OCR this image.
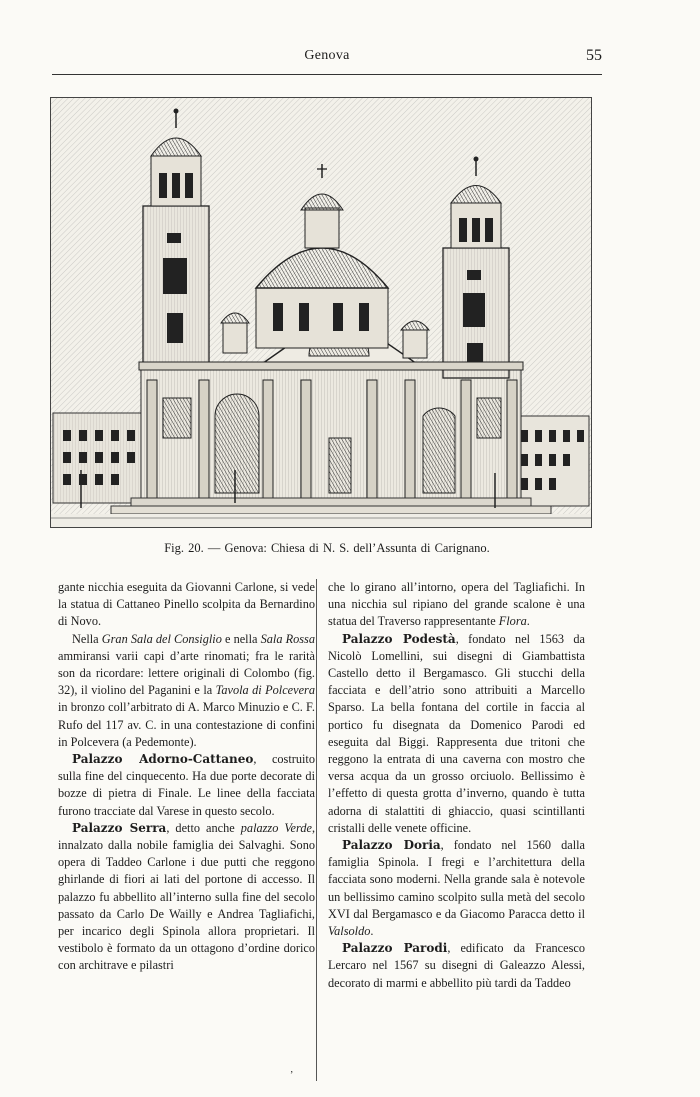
Genova	55
Fig. 20. — Genova: Chiesa di N. S. dell’Assunta di Carignano.

gante nicchia eseguita da Giovanni Carlone, si vede la statua di Cattaneo Pinello scolpita da Bernardino di Novo.

Nella Gran Sala del Consiglio e nella Sala Rossa ammiransi varii capi d’arte rinomati; fra le rarità son da ricordare: lettere originali di Colombo (fig. 32), il violino del Paganini e la Tavola di Polcevera in bronzo coll’arbitrato di A. Marco Minuzio e C. F. Rufo del 117 av. C. in una contestazione di confini in Polcevera (a Pedemonte).

Palazzo Adorno-Cattaneo, costruito sulla fine del cinquecento. Ha due porte decorate di bozze di pietra di Finale. Le linee della facciata furono tracciate dal Varese in questo secolo.

Palazzo Serra, detto anche palazzo Verde, innalzato dalla nobile famiglia dei Salvaghi. Sono opera di Taddeo Carlone i due putti che reggono ghirlande di fiori ai lati del portone di accesso. Il palazzo fu abbellito all’interno sulla fine del secolo passato da Carlo De Wailly e Andrea Tagliafichi, per incarico degli Spinola allora proprietari. Il vestibolo è formato da un ottagono d’ordine dorico con architrave e pilastri

che lo girano all’intorno, opera del Tagliafichi. In una nicchia sul ripiano del grande scalone è una statua del Traverso rappresentante Flora.

Palazzo Podestà, fondato nel 1563 da Nicolò Lomellini, sui disegni di Giambattista Castello detto il Bergamasco. Gli stucchi della facciata e dell’atrio sono attribuiti a Marcello Sparso. La bella fontana del cortile in faccia al portico fu disegnata da Domenico Parodi ed eseguita dal Biggi. Rappresenta due tritoni che reggono la entrata di una caverna con mostro che versa acqua da un grosso orciuolo. Bellissimo è l’effetto di questa grotta d’inverno, quando è tutta adorna di stalattiti di ghiaccio, quasi scintillanti cristalli delle venete officine.

Palazzo Doria, fondato nel 1560 dalla famiglia Spinola. I fregi e l’architettura della facciata sono moderni. Nella grande sala è notevole un bellissimo camino scolpito sulla metà del secolo XVI dal Bergamasco e da Giacomo Paracca detto il Valsoldo.

Palazzo Parodi, edificato da Francesco Lercaro nel 1567 su disegni di Galeazzo Alessi, decorato di marmi e abbellito più tardi da Taddeo

‚
